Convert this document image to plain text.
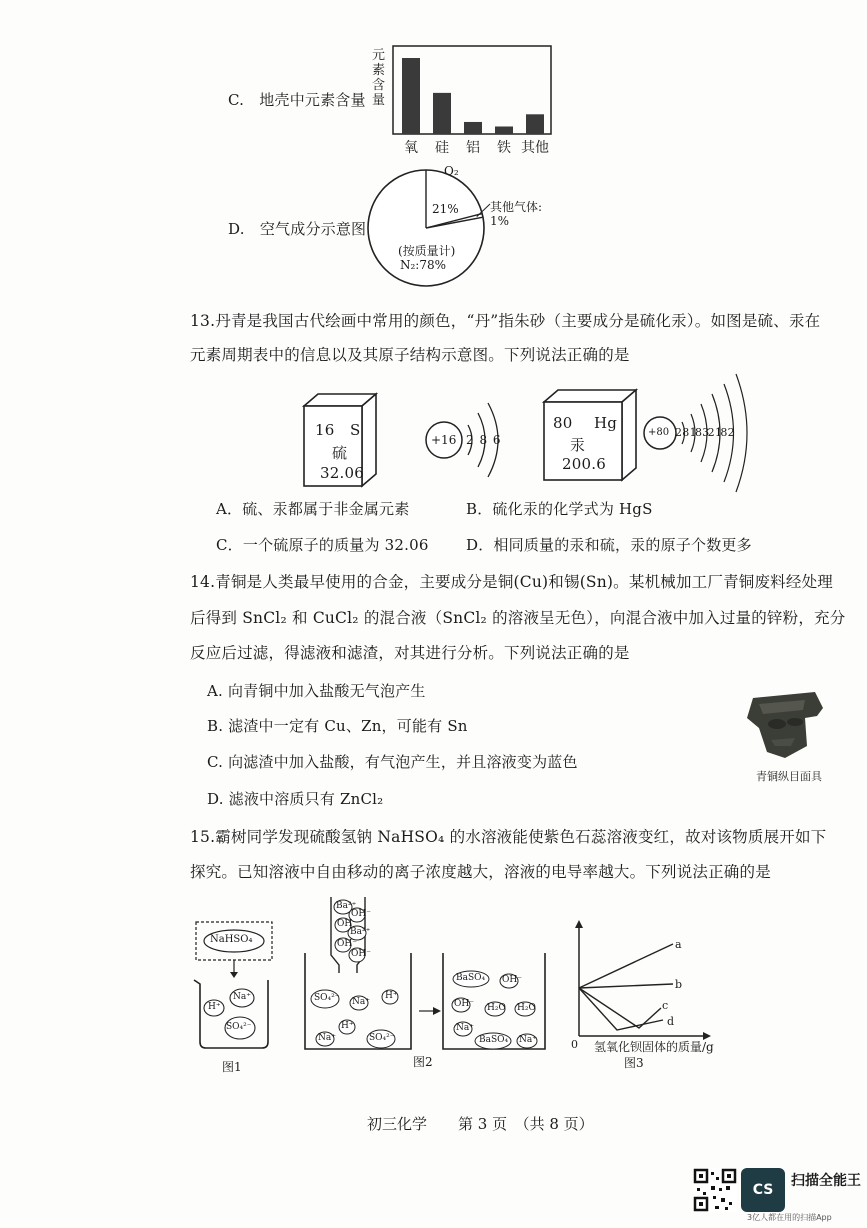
C.　地壳中元素含量
元素含量
氧 硅 铝 铁 其他
D.　空气成分示意图
O₂
21%	其他气体:
1%
(按质量计)
N₂:78%
13.丹青是我国古代绘画中常用的颜色，“丹”指朱砂（主要成分是硫化汞）。如图是硫、汞在
元素周期表中的信息以及其原子结构示意图。下列说法正确的是
16 S
硫
32.06
+16 2 8 6
80 Hg
汞
200.6
+80 2 8 18 32 18 2
A．硫、汞都属于非金属元素	B．硫化汞的化学式为 HgS
C．一个硫原子的质量为 32.06 D．相同质量的汞和硫，汞的原子个数更多
14.青铜是人类最早使用的合金，主要成分是铜(Cu)和锡(Sn)。某机械加工厂青铜废料经处理
后得到 SnCl₂ 和 CuCl₂ 的混合液（SnCl₂ 的溶液呈无色），向混合液中加入过量的锌粉，充分
反应后过滤，得滤液和滤渣，对其进行分析。下列说法正确的是
A. 向青铜中加入盐酸无气泡产生
B. 滤渣中一定有 Cu、Zn，可能有 Sn
C. 向滤渣中加入盐酸，有气泡产生，并且溶液变为蓝色
D. 滤液中溶质只有 ZnCl₂
青铜纵目面具
15.霸树同学发现硫酸氢钠 NaHSO₄ 的水溶液能使紫色石蕊溶液变红，故对该物质展开如下
探究。已知溶液中自由移动的离子浓度越大，溶液的电导率越大。下列说法正确的是
NaHSO₄
H⁺
Na⁺
SO₄²⁻
图1
Ba²⁺
OH⁻
OH⁻
Ba²⁺
OH⁻
OH⁻
SO₄²⁻ Na⁺
H⁺
H⁺
Na⁺	SO₄²⁻
BaSO₄ OH⁻
OH⁻ H₂O H₂O
Na⁺
BaSO₄ Na⁺
图2
a
b
c
d
0 氢氧化钡固体的质量/g
图3
初三化学 第 3 页　（共 8 页）
CS
扫描全能王
3亿人都在用的扫描App
